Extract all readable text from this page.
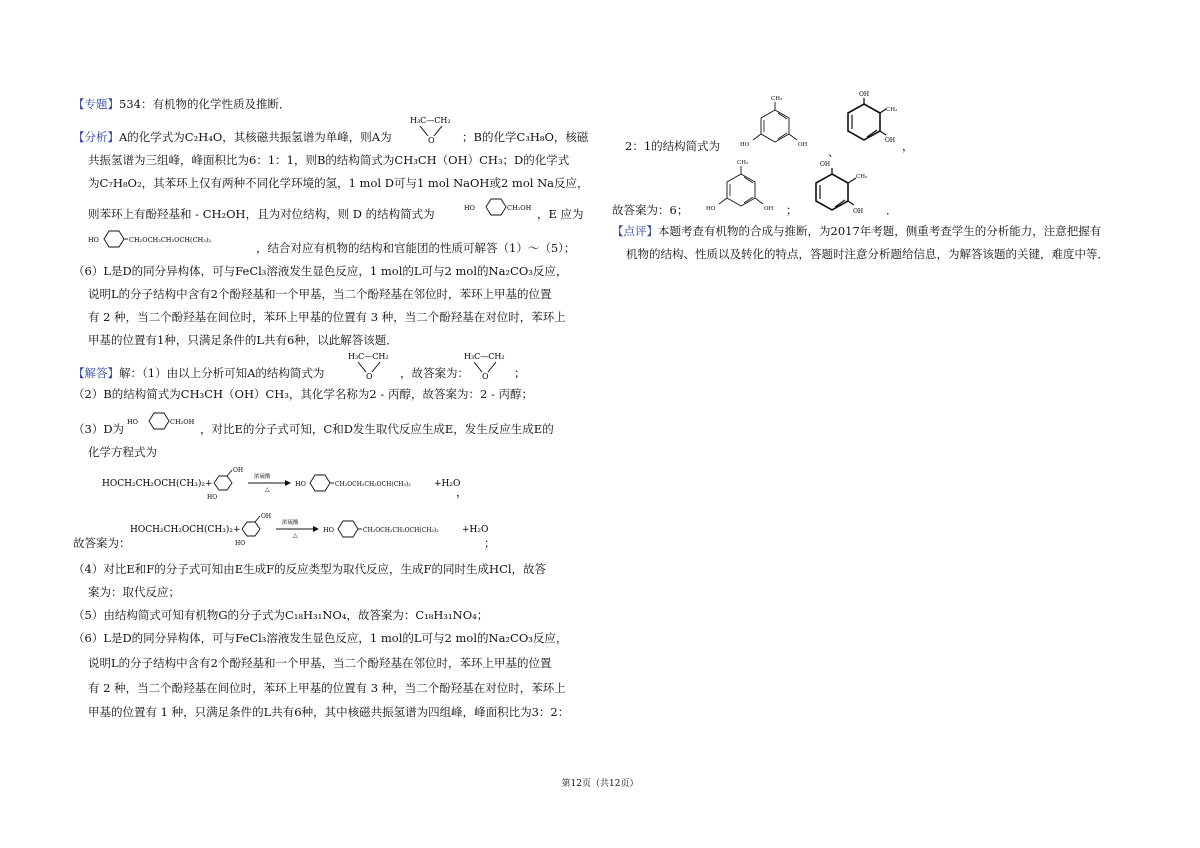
【专题】534：有机物的化学性质及推断．
【分析】A的化学式为C₂H₄O，其核磁共振氢谱为单峰，则A为
H₃C—CH₂
O ；B的化学C₃H₈O，核磁
共振氢谱为三组峰，峰面积比为6：1：1，则B的结构简式为CH₃CH（OH）CH₃；D的化学式
为C₇H₈O₂，其苯环上仅有两种不同化学环境的氢，1 mol D可与1 mol NaOH或2 mol Na反应，
则苯环上有酚羟基和 - CH₂OH，且为对位结构，则 D 的结构简式为	HO	CH₂OH ，E 应为
HO	CH₂OCH₂CH₂OCH(CH₃)₂
，结合对应有机物的结构和官能团的性质可解答（1）～（5）；
（6）L是D的同分异构体，可与FeCl₃溶液发生显色反应，1 mol的L可与2 mol的Na₂CO₃反应，
说明L的分子结构中含有2个酚羟基和一个甲基，当二个酚羟基在邻位时，苯环上甲基的位置
有 2 种，当二个酚羟基在间位时，苯环上甲基的位置有 3 种，当二个酚羟基在对位时，苯环上
甲基的位置有1种，只满足条件的L共有6种，以此解答该题．
【解答】解：（1）由以上分析可知A的结构简式为
H₃C—CH₂
O ，故答案为：
H₃C—CH₂
O ；
（2）B的结构简式为CH₃CH（OH）CH₃，其化学名称为2 - 丙醇，故答案为：2 - 丙醇；
（3）D为 HO	CH₂OH ，对比E的分子式可知，C和D发生取代反应生成E，发生反应生成E的
化学方程式为
HOCH₂CH₂OCH(CH₃)₂+
HO
OH
浓硫酸
△
HO	CH₂OCH₂CH₂OCH(CH₃)₂	+H₂O
，
故答案为：
HOCH₂CH₂OCH(CH₃)₂+
HO
OH
浓硫酸
△
HO	CH₂OCH₂CH₂OCH(CH₃)₂	+H₂O
；
（4）对比E和F的分子式可知由E生成F的反应类型为取代反应，生成F的同时生成HCl，故答
案为：取代反应；
（5）由结构简式可知有机物G的分子式为C₁₈H₃₁NO₄，故答案为：C₁₈H₃₁NO₄；
（6）L是D的同分异构体，可与FeCl₃溶液发生显色反应，1 mol的L可与2 mol的Na₂CO₃反应，
说明L的分子结构中含有2个酚羟基和一个甲基，当二个酚羟基在邻位时，苯环上甲基的位置
有 2 种，当二个酚羟基在间位时，苯环上甲基的位置有 3 种，当二个酚羟基在对位时，苯环上
甲基的位置有 1 种，只满足条件的L共有6种，其中核磁共振氢谱为四组峰，峰面积比为3：2：
2：1的结构简式为
CH₃
HO	OH 、
OH
CH₃
OH ，
故答案为：6；
CH₃
HO	OH ；
OH
CH₃
OH ．
【点评】本题考查有机物的合成与推断，为2017年考题，侧重考查学生的分析能力，注意把握有
机物的结构、性质以及转化的特点，答题时注意分析题给信息，为解答该题的关键，难度中等．
第12页（共12页）
